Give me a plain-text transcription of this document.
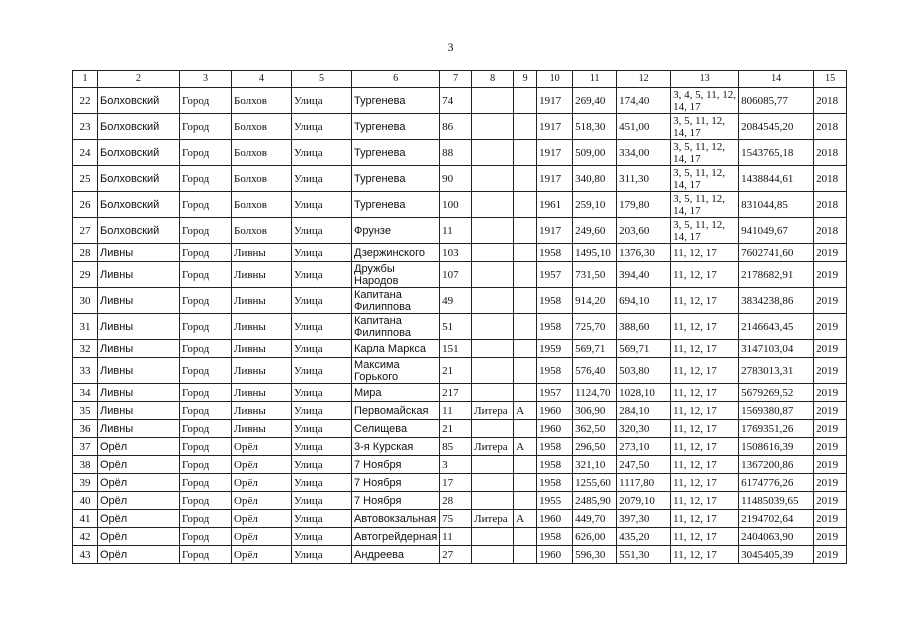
3
1	2	3	4	5	6	7	8	9	10	11	12	13	14	15
22	Болховский	Город	Болхов	Улица	Тургенева	74			1917	269,40	174,40	3, 4, 5, 11, 12, 14, 17	806085,77	2018
23	Болховский	Город	Болхов	Улица	Тургенева	86			1917	518,30	451,00	3, 5, 11, 12, 14, 17	2084545,20	2018
24	Болховский	Город	Болхов	Улица	Тургенева	88			1917	509,00	334,00	3, 5, 11, 12, 14, 17	1543765,18	2018
25	Болховский	Город	Болхов	Улица	Тургенева	90			1917	340,80	311,30	3, 5, 11, 12, 14, 17	1438844,61	2018
26	Болховский	Город	Болхов	Улица	Тургенева	100			1961	259,10	179,80	3, 5, 11, 12, 14, 17	831044,85	2018
27	Болховский	Город	Болхов	Улица	Фрунзе	11			1917	249,60	203,60	3, 5, 11, 12, 14, 17	941049,67	2018
28	Ливны	Город	Ливны	Улица	Дзержинского	103			1958	1495,10	1376,30	11, 12, 17	7602741,60	2019
29	Ливны	Город	Ливны	Улица	Дружбы Народов	107			1957	731,50	394,40	11, 12, 17	2178682,91	2019
30	Ливны	Город	Ливны	Улица	Капитана Филиппова	49			1958	914,20	694,10	11, 12, 17	3834238,86	2019
31	Ливны	Город	Ливны	Улица	Капитана Филиппова	51			1958	725,70	388,60	11, 12, 17	2146643,45	2019
32	Ливны	Город	Ливны	Улица	Карла Маркса	151			1959	569,71	569,71	11, 12, 17	3147103,04	2019
33	Ливны	Город	Ливны	Улица	Максима Горького	21			1958	576,40	503,80	11, 12, 17	2783013,31	2019
34	Ливны	Город	Ливны	Улица	Мира	217			1957	1124,70	1028,10	11, 12, 17	5679269,52	2019
35	Ливны	Город	Ливны	Улица	Первомайская	11	Литера	А	1960	306,90	284,10	11, 12, 17	1569380,87	2019
36	Ливны	Город	Ливны	Улица	Селищева	21			1960	362,50	320,30	11, 12, 17	1769351,26	2019
37	Орёл	Город	Орёл	Улица	3-я Курская	85	Литера	А	1958	296,50	273,10	11, 12, 17	1508616,39	2019
38	Орёл	Город	Орёл	Улица	7 Ноября	3			1958	321,10	247,50	11, 12, 17	1367200,86	2019
39	Орёл	Город	Орёл	Улица	7 Ноября	17			1958	1255,60	1117,80	11, 12, 17	6174776,26	2019
40	Орёл	Город	Орёл	Улица	7 Ноября	28			1955	2485,90	2079,10	11, 12, 17	11485039,65	2019
41	Орёл	Город	Орёл	Улица	Автовокзальная	75	Литера	А	1960	449,70	397,30	11, 12, 17	2194702,64	2019
42	Орёл	Город	Орёл	Улица	Автогрейдерная	11			1958	626,00	435,20	11, 12, 17	2404063,90	2019
43	Орёл	Город	Орёл	Улица	Андреева	27			1960	596,30	551,30	11, 12, 17	3045405,39	2019
